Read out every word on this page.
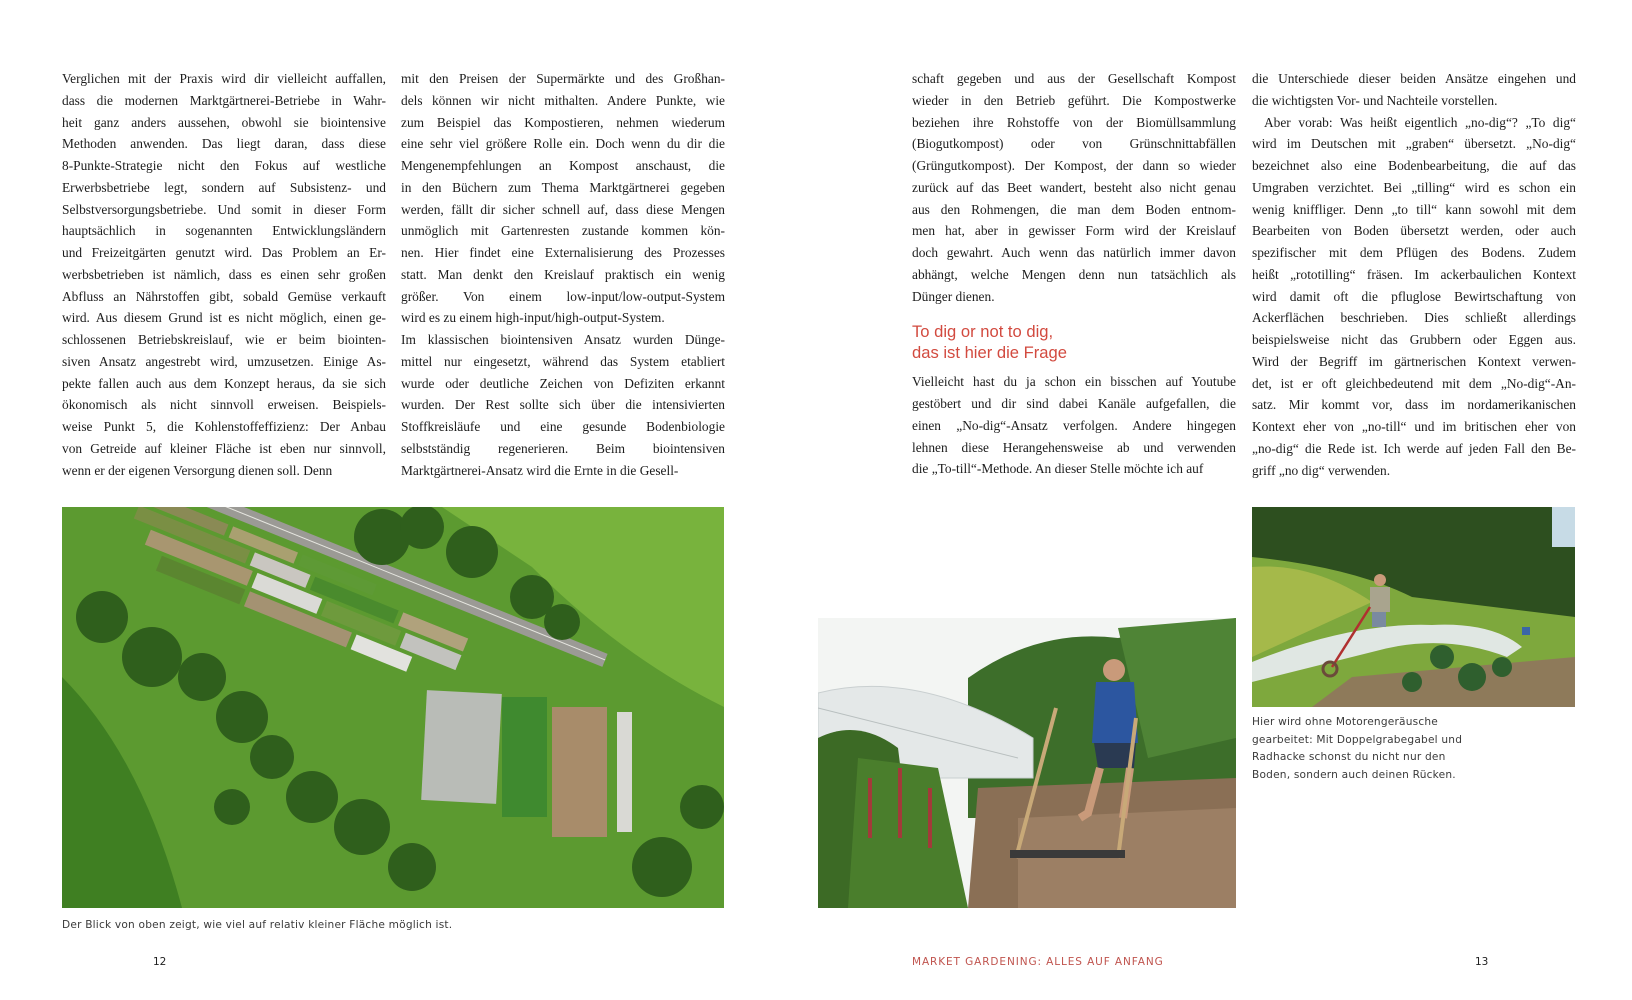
Verglichen mit der Praxis wird dir vielleicht auffallen,
dass die modernen Marktgärtnerei-Betriebe in Wahr-
heit ganz anders aussehen, obwohl sie biointensive
Methoden anwenden. Das liegt daran, dass diese
8-Punkte-Strategie nicht den Fokus auf westliche
Erwerbsbetriebe legt, sondern auf Subsistenz- und
Selbstversorgungsbetriebe. Und somit in dieser Form
hauptsächlich in sogenannten Entwicklungsländern
und Freizeitgärten genutzt wird. Das Problem an Er-
werbsbetrieben ist nämlich, dass es einen sehr großen
Abfluss an Nährstoffen gibt, sobald Gemüse verkauft
wird. Aus diesem Grund ist es nicht möglich, einen ge-
schlossenen Betriebskreislauf, wie er beim biointen-
siven Ansatz angestrebt wird, umzusetzen. Einige As-
pekte fallen auch aus dem Konzept heraus, da sie sich
ökonomisch als nicht sinnvoll erweisen. Beispiels-
weise Punkt 5, die Kohlenstoffeffizienz: Der Anbau
von Getreide auf kleiner Fläche ist eben nur sinnvoll,
wenn er der eigenen Versorgung dienen soll. Denn
mit den Preisen der Supermärkte und des Großhan-
dels können wir nicht mithalten. Andere Punkte, wie
zum Beispiel das Kompostieren, nehmen wiederum
eine sehr viel größere Rolle ein. Doch wenn du dir die
Mengenempfehlungen an Kompost anschaust, die
in den Büchern zum Thema Marktgärtnerei gegeben
werden, fällt dir sicher schnell auf, dass diese Mengen
unmöglich mit Gartenresten zustande kommen kön-
nen. Hier findet eine Externalisierung des Prozesses
statt. Man denkt den Kreislauf praktisch ein wenig
größer. Von einem low-input/low-output-System
wird es zu einem high-input/high-output-System.
Im klassischen biointensiven Ansatz wurden Dünge-
mittel nur eingesetzt, während das System etabliert
wurde oder deutliche Zeichen von Defiziten erkannt
wurden. Der Rest sollte sich über die intensivierten
Stoffkreisläufe und eine gesunde Bodenbiologie
selbstständig regenerieren. Beim biointensiven
Marktgärtnerei-Ansatz wird die Ernte in die Gesell-
Der Blick von oben zeigt, wie viel auf relativ kleiner Fläche möglich ist.
12
schaft gegeben und aus der Gesellschaft Kompost
wieder in den Betrieb geführt. Die Kompostwerke
beziehen ihre Rohstoffe von der Biomüllsammlung
(Biogutkompost) oder von Grünschnittabfällen
(Grüngutkompost). Der Kompost, der dann so wieder
zurück auf das Beet wandert, besteht also nicht genau
aus den Rohmengen, die man dem Boden entnom-
men hat, aber in gewisser Form wird der Kreislauf
doch gewahrt. Auch wenn das natürlich immer davon
abhängt, welche Mengen denn nun tatsächlich als
Dünger dienen.
To dig or not to dig,
das ist hier die Frage
Vielleicht hast du ja schon ein bisschen auf Youtube
gestöbert und dir sind dabei Kanäle aufgefallen, die
einen „No-dig“-Ansatz verfolgen. Andere hingegen
lehnen diese Herangehensweise ab und verwenden
die „To-till“-Methode. An dieser Stelle möchte ich auf
die Unterschiede dieser beiden Ansätze eingehen und
die wichtigsten Vor- und Nachteile vorstellen.
Aber vorab: Was heißt eigentlich „no-dig“? „To dig“
wird im Deutschen mit „graben“ übersetzt. „No-dig“
bezeichnet also eine Bodenbearbeitung, die auf das
Umgraben verzichtet. Bei „tilling“ wird es schon ein
wenig kniffliger. Denn „to till“ kann sowohl mit dem
Bearbeiten von Boden übersetzt werden, oder auch
spezifischer mit dem Pflügen des Bodens. Zudem
heißt „rototilling“ fräsen. Im ackerbaulichen Kontext
wird damit oft die pfluglose Bewirtschaftung von
Ackerflächen beschrieben. Dies schließt allerdings
beispielsweise nicht das Grubbern oder Eggen aus.
Wird der Begriff im gärtnerischen Kontext verwen-
det, ist er oft gleichbedeutend mit dem „No-dig“-An-
satz. Mir kommt vor, dass im nordamerikanischen
Kontext eher von „no-till“ und im britischen eher von
„no-dig“ die Rede ist. Ich werde auf jeden Fall den Be-
griff „no dig“ verwenden.
Hier wird ohne Motorengeräusche
gearbeitet: Mit Doppelgrabegabel und
Radhacke schonst du nicht nur den
Boden, sondern auch deinen Rücken.
MARKET GARDENING: ALLES AUF ANFANG	13
